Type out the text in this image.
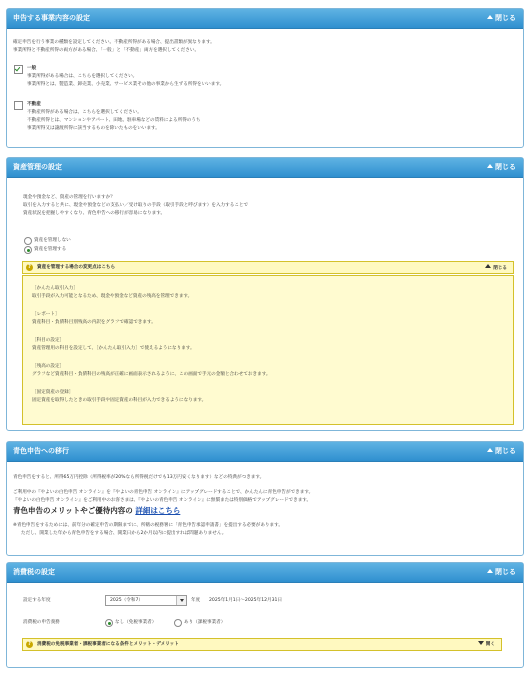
申告する事業内容の設定	閉じる
確定申告を行う事業の種類を設定してください。不動産所得がある場合、提出書類が異なります。
事業所得と不動産所得の両方がある場合、「一般」と「不動産」両方を選択してください。
一般
事業所得がある場合は、こちらを選択してください。
事業所得とは、製造業、卸売業、小売業、サービス業その他の事業から生ずる所得をいいます。
不動産
不動産所得がある場合は、こちらを選択してください。
不動産所得とは、マンションやアパート、田地、駐車場などの賃料による所得のうち
事業所得又は譲渡所得に該当するものを除いたものをいいます。
資産管理の設定	閉じる
現金や預金など、資産の管理を行いますか？
取引を入力すると共に、現金や預金などの支払い／受け取りの手段（取引手段と呼びます）を入力することで
資産状況を把握しやすくなり、青色申告への移行が容易になります。
資産を管理しない
資産を管理する
?	資産を管理する場合の変更点はこちら	閉じる
［かんたん取引入力］
取引手段が入力可能となるため、現金や預金など資産の残高を管理できます。
［レポート］
資産科目・負債科目別残高の内訳をグラフで確認できます。
［科目の設定］
資産管理用の科目を設定して、［かんたん取引入力］で使えるようになります。
［残高の設定］
グラフなど資産科目・負債科目の残高が正確に画面表示されるように、この画面で手元の金額と合わせておきます。
［固定資産の登録］
固定資産を取得したときの取引手段や固定資産の科目が入力できるようになります。
青色申告への移行	閉じる
青色申告をすると、所得65万円控除（所得税率が20%なら所得税だけでも13万円安くなります）などの特典がつきます。
ご利用中の『やよいの白色申告 オンライン』を『やよいの青色申告 オンライン』にアップグレードすることで、かんたんに青色申告ができます。
『やよいの白色申告 オンライン』をご利用中のお客さまは、『やよいの青色申告 オンライン』に無償または特別価格でアップグレードできます。
青色申告のメリットやご優待内容の 詳細はこちら
※青色申告をするためには、前年分の確定申告の期限までに、所轄の税務署に「青色申告承認申請書」を提出する必要があります。
ただし、開業した年から青色申告をする場合、開業日から2か月以内に提出すれば問題ありません。
消費税の設定	閉じる
設定する年度	2025（令和7）	年度 2025年1月1日〜2025年12月31日
消費税の申告義務	なし（免税事業者）	あり（課税事業者）
?	消費税の免税事業者・課税事業者になる条件とメリット・デメリット	開く
